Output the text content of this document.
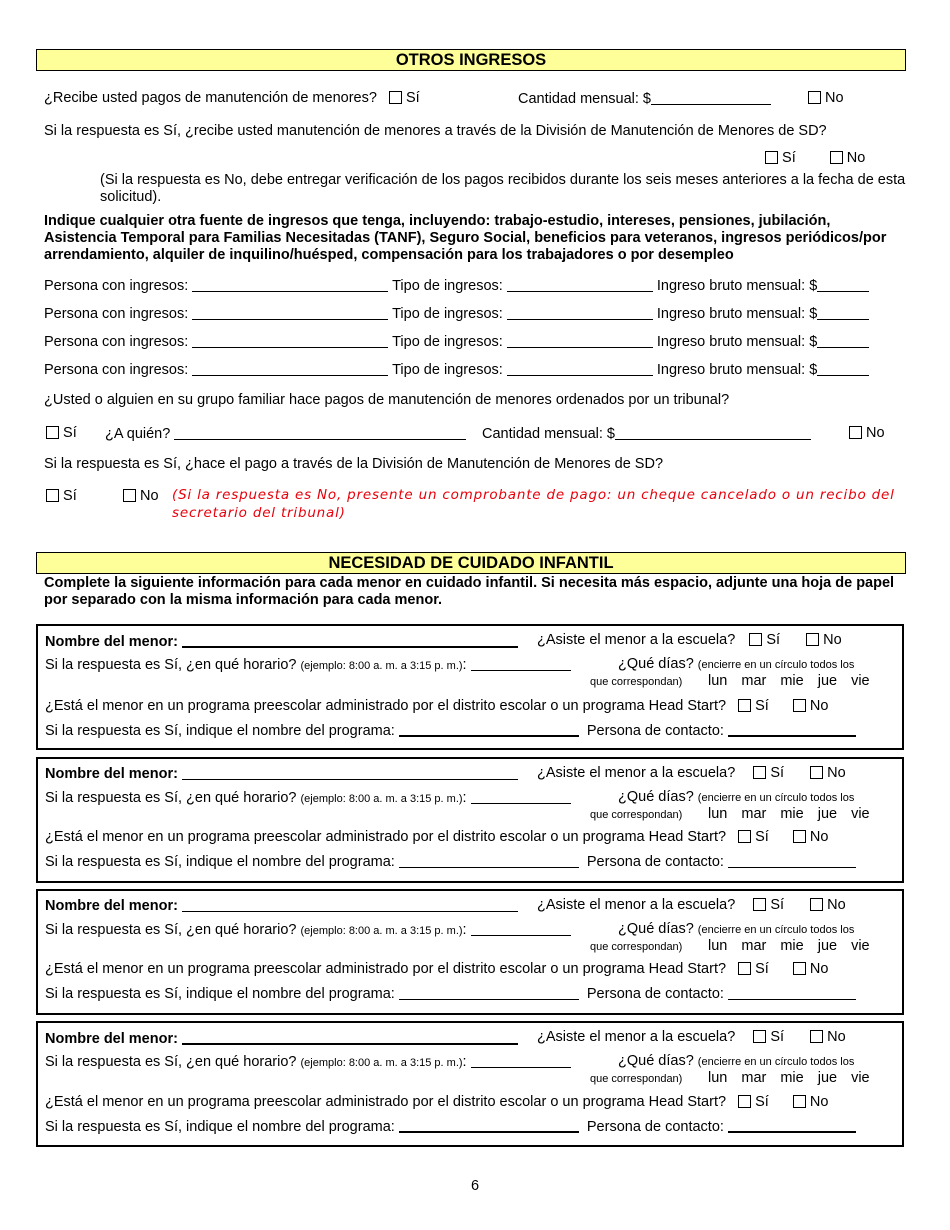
OTROS INGRESOS
¿Recibe usted pagos de manutención de menores? Sí	Cantidad mensual: $	No
Si la respuesta es Sí, ¿recibe usted manutención de menores a través de la División de Manutención de Menores de SD?
Sí	No
(Si la respuesta es No, debe entregar verificación de los pagos recibidos durante los seis meses anteriores a la fecha de esta solicitud).
Indique cualquier otra fuente de ingresos que tenga, incluyendo: trabajo-estudio, intereses, pensiones, jubilación, Asistencia Temporal para Familias Necesitadas (TANF), Seguro Social, beneficios para veteranos, ingresos periódicos/por arrendamiento, alquiler de inquilino/huésped, compensación para los trabajadores o por desempleo
Persona con ingresos:	Tipo de ingresos:	Ingreso bruto mensual: $
Persona con ingresos:	Tipo de ingresos:	Ingreso bruto mensual: $
Persona con ingresos:	Tipo de ingresos:	Ingreso bruto mensual: $
Persona con ingresos:	Tipo de ingresos:	Ingreso bruto mensual: $
¿Usted o alguien en su grupo familiar hace pagos de manutención de menores ordenados por un tribunal?
Sí ¿A quién?	Cantidad mensual: $	No
Si la respuesta es Sí, ¿hace el pago a través de la División de Manutención de Menores de SD?
Sí	No (Si la respuesta es No, presente un comprobante de pago: un cheque cancelado o un recibo del
secretario del tribunal)
NECESIDAD DE CUIDADO INFANTIL
Complete la siguiente información para cada menor en cuidado infantil. Si necesita más espacio, adjunte una hoja de papel por separado con la misma información para cada menor.
Nombre del menor:	¿Asiste el menor a la escuela? Sí	No
Si la respuesta es Sí, ¿en qué horario? (ejemplo: 8:00 a. m. a 3:15 p. m.):	¿Qué días? (encierre en un círculo todos los
que correspondan) lun mar mie jue vie
¿Está el menor en un programa preescolar administrado por el distrito escolar o un programa Head Start? Sí	No
Si la respuesta es Sí, indique el nombre del programa:	Persona de contacto:
Nombre del menor:	¿Asiste el menor a la escuela? Sí	No
Si la respuesta es Sí, ¿en qué horario? (ejemplo: 8:00 a. m. a 3:15 p. m.):	¿Qué días? (encierre en un círculo todos los
que correspondan) lun mar mie jue vie
¿Está el menor en un programa preescolar administrado por el distrito escolar o un programa Head Start? Sí	No
Si la respuesta es Sí, indique el nombre del programa:	Persona de contacto:
Nombre del menor:	¿Asiste el menor a la escuela? Sí	No
Si la respuesta es Sí, ¿en qué horario? (ejemplo: 8:00 a. m. a 3:15 p. m.):	¿Qué días? (encierre en un círculo todos los
que correspondan) lun mar mie jue vie
¿Está el menor en un programa preescolar administrado por el distrito escolar o un programa Head Start? Sí	No
Si la respuesta es Sí, indique el nombre del programa:	Persona de contacto:
Nombre del menor:	¿Asiste el menor a la escuela? Sí	No
Si la respuesta es Sí, ¿en qué horario? (ejemplo: 8:00 a. m. a 3:15 p. m.):	¿Qué días? (encierre en un círculo todos los
que correspondan) lun mar mie jue vie
¿Está el menor en un programa preescolar administrado por el distrito escolar o un programa Head Start? Sí	No
Si la respuesta es Sí, indique el nombre del programa:	Persona de contacto:
6
